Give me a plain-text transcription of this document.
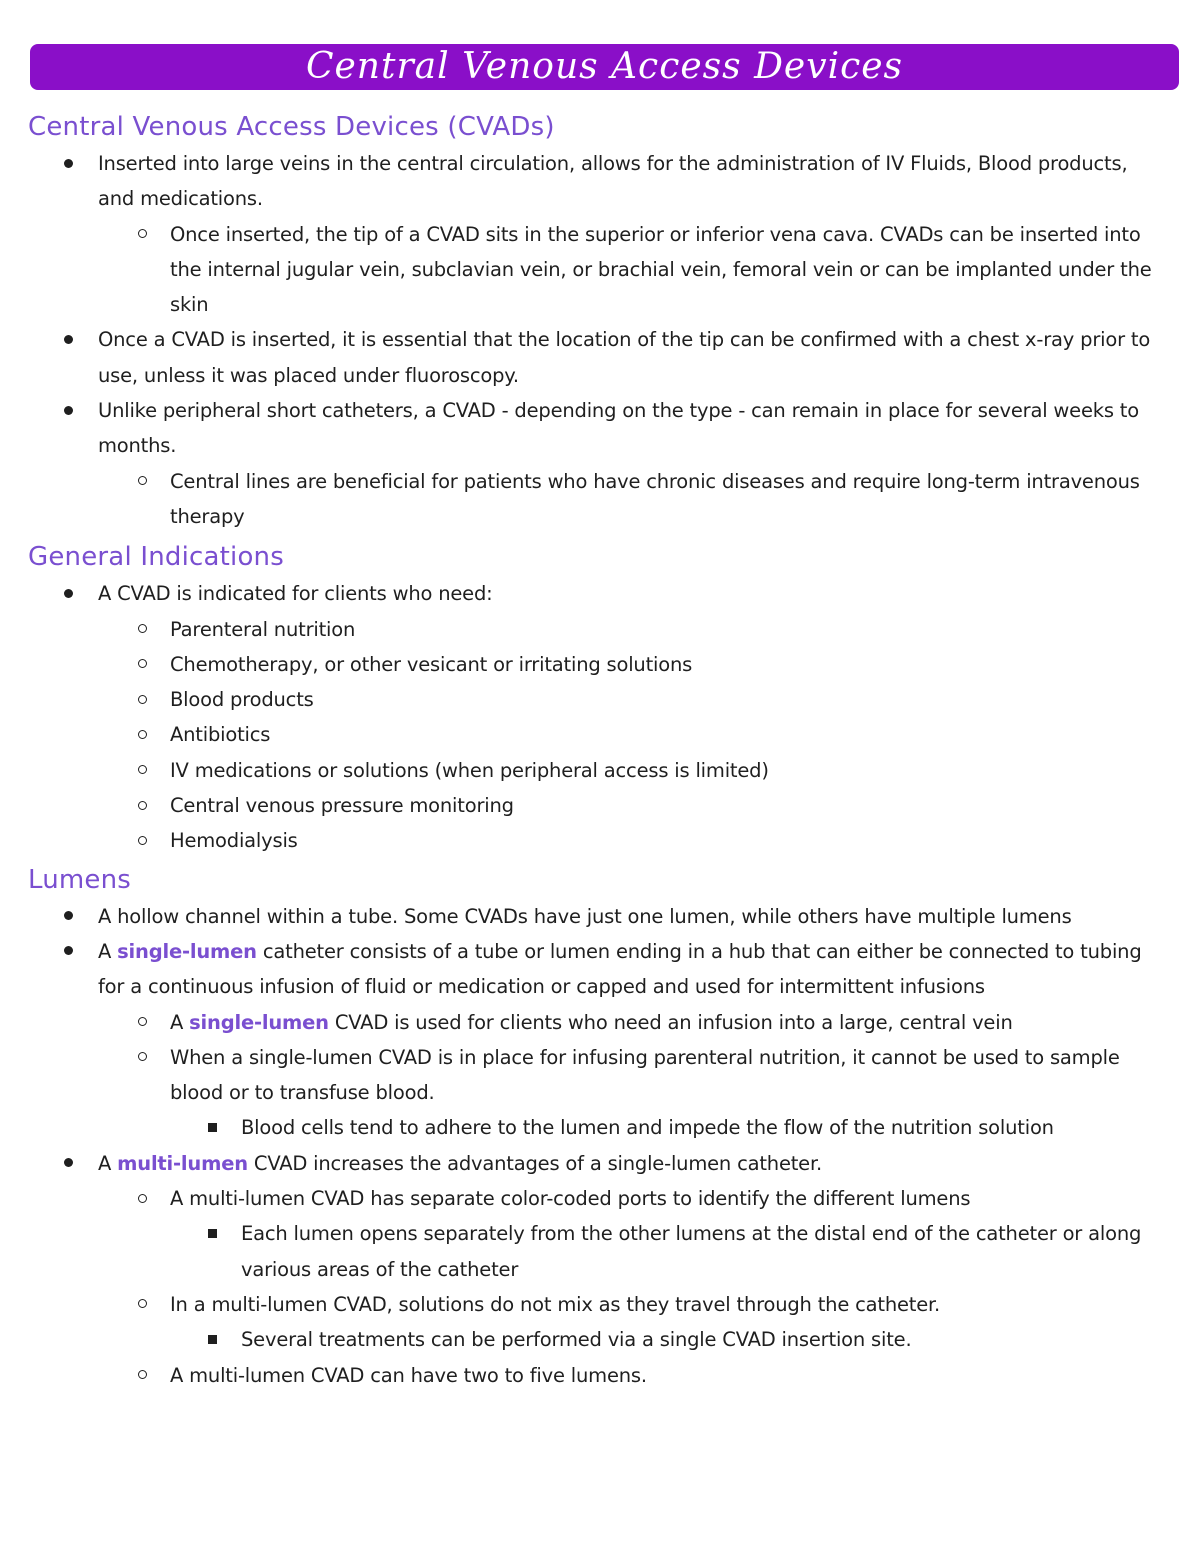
Central Venous Access Devices
Central Venous Access Devices (CVADs)
Inserted into large veins in the central circulation, allows for the administration of IV Fluids, Blood products, and medications.
Once inserted, the tip of a CVAD sits in the superior or inferior vena cava. CVADs can be inserted into the internal jugular vein, subclavian vein, or brachial vein, femoral vein or can be implanted under the skin
Once a CVAD is inserted, it is essential that the location of the tip can be confirmed with a chest x-ray prior to use, unless it was placed under fluoroscopy.
Unlike peripheral short catheters, a CVAD - depending on the type - can remain in place for several weeks to months.
Central lines are beneficial for patients who have chronic diseases and require long-term intravenous therapy
General Indications
A CVAD is indicated for clients who need:
Parenteral nutrition
Chemotherapy, or other vesicant or irritating solutions
Blood products
Antibiotics
IV medications or solutions (when peripheral access is limited)
Central venous pressure monitoring
Hemodialysis
Lumens
A hollow channel within a tube. Some CVADs have just one lumen, while others have multiple lumens
A single-lumen catheter consists of a tube or lumen ending in a hub that can either be connected to tubing for a continuous infusion of fluid or medication or capped and used for intermittent infusions
A single-lumen CVAD is used for clients who need an infusion into a large, central vein
When a single-lumen CVAD is in place for infusing parenteral nutrition, it cannot be used to sample blood or to transfuse blood.
Blood cells tend to adhere to the lumen and impede the flow of the nutrition solution
A multi-lumen CVAD increases the advantages of a single-lumen catheter.
A multi-lumen CVAD has separate color-coded ports to identify the different lumens
Each lumen opens separately from the other lumens at the distal end of the catheter or along various areas of the catheter
In a multi-lumen CVAD, solutions do not mix as they travel through the catheter.
Several treatments can be performed via a single CVAD insertion site.
A multi-lumen CVAD can have two to five lumens.
